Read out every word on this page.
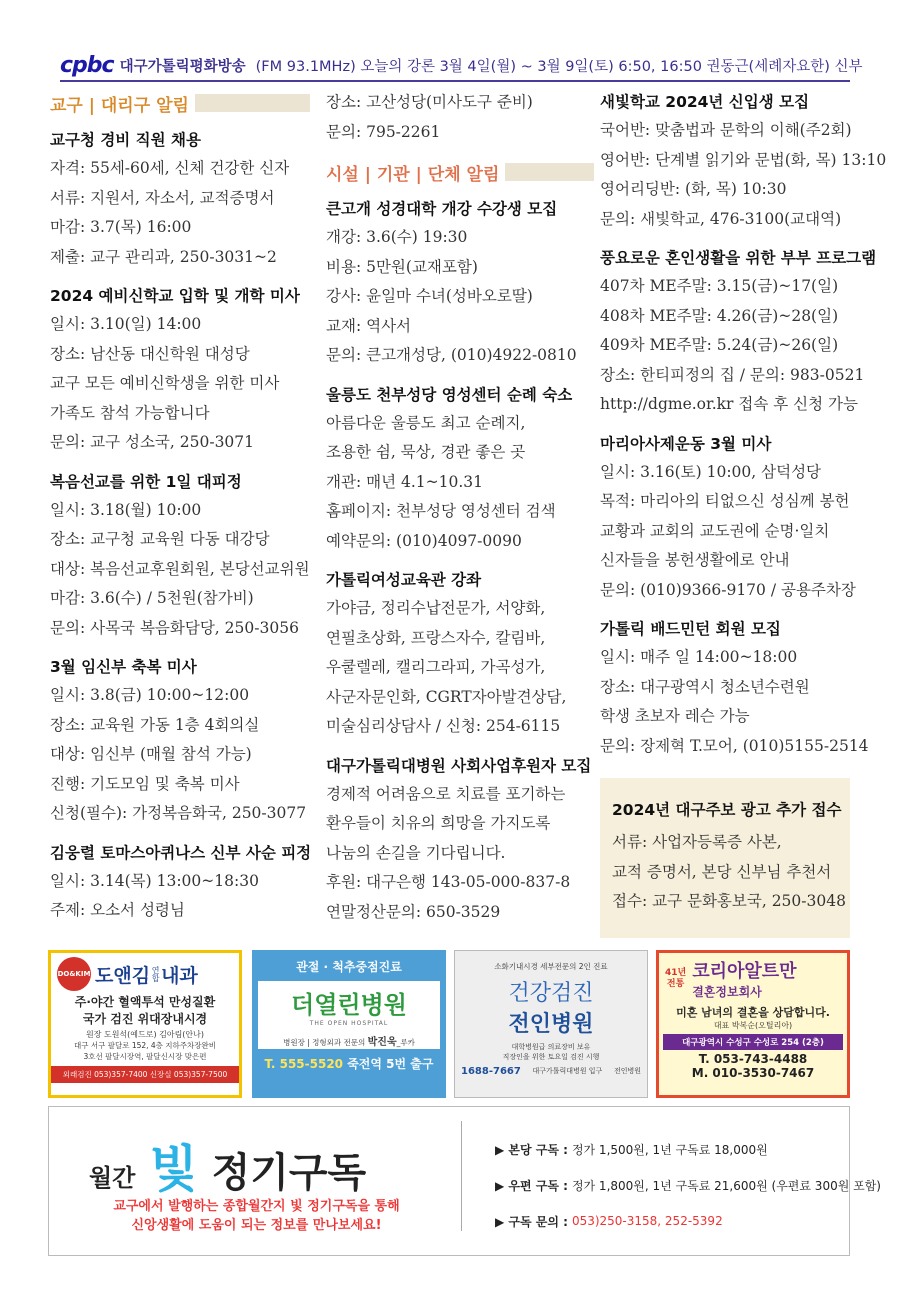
cpbc 대구가톨릭평화방송 (FM 93.1MHz) 오늘의 강론 3월 4일(월) ~ 3월 9일(토) 6:50, 16:50 권동근(세례자요한) 신부
교구 | 대리구 알림
교구청 경비 직원 채용
자격: 55세-60세, 신체 건강한 신자
서류: 지원서, 자소서, 교적증명서
마감: 3.7(목) 16:00
제출: 교구 관리과, 250-3031~2
2024 예비신학교 입학 및 개학 미사
일시: 3.10(일) 14:00
장소: 남산동 대신학원 대성당
교구 모든 예비신학생을 위한 미사
가족도 참석 가능합니다
문의: 교구 성소국, 250-3071
복음선교를 위한 1일 대피정
일시: 3.18(월) 10:00
장소: 교구청 교육원 다동 대강당
대상: 복음선교후원회원, 본당선교위원
마감: 3.6(수) / 5천원(참가비)
문의: 사목국 복음화담당, 250-3056
3월 임신부 축복 미사
일시: 3.8(금) 10:00~12:00
장소: 교육원 가동 1층 4회의실
대상: 임신부 (매월 참석 가능)
진행: 기도모임 및 축복 미사
신청(필수): 가정복음화국, 250-3077
김웅렬 토마스아퀴나스 신부 사순 피정
일시: 3.14(목) 13:00~18:30
주제: 오소서 성령님
장소: 고산성당(미사도구 준비)
문의: 795-2261
시설 | 기관 | 단체 알림
큰고개 성경대학 개강 수강생 모집
개강: 3.6(수) 19:30
비용: 5만원(교재포함)
강사: 윤일마 수녀(성바오로딸)
교재: 역사서
문의: 큰고개성당, (010)4922-0810
울릉도 천부성당 영성센터 순례 숙소
아름다운 울릉도 최고 순례지,
조용한 쉼, 묵상, 경관 좋은 곳
개관: 매년 4.1~10.31
홈페이지: 천부성당 영성센터 검색
예약문의: (010)4097-0090
가톨릭여성교육관 강좌
가야금, 정리수납전문가, 서양화,
연필초상화, 프랑스자수, 칼림바,
우쿨렐레, 캘리그라피, 가곡성가,
사군자문인화, CGRT자아발견상담,
미술심리상담사 / 신청: 254-6115
대구가톨릭대병원 사회사업후원자 모집
경제적 어려움으로 치료를 포기하는
환우들이 치유의 희망을 가지도록
나눔의 손길을 기다립니다.
후원: 대구은행 143-05-000-837-8
연말정산문의: 650-3529
새빛학교 2024년 신입생 모집
국어반: 맞춤법과 문학의 이해(주2회)
영어반: 단계별 읽기와 문법(화, 목) 13:10
영어리딩반: (화, 목) 10:30
문의: 새빛학교, 476-3100(교대역)
풍요로운 혼인생활을 위한 부부 프로그램
407차 ME주말: 3.15(금)~17(일)
408차 ME주말: 4.26(금)~28(일)
409차 ME주말: 5.24(금)~26(일)
장소: 한티피정의 집 / 문의: 983-0521
http://dgme.or.kr 접속 후 신청 가능
마리아사제운동 3월 미사
일시: 3.16(토) 10:00, 삼덕성당
목적: 마리아의 티없으신 성심께 봉헌
교황과 교회의 교도권에 순명·일치
신자들을 봉헌생활에로 안내
문의: (010)9366-9170 / 공용주차장
가톨릭 배드민턴 회원 모집
일시: 매주 일 14:00~18:00
장소: 대구광역시 청소년수련원
학생 초보자 레슨 가능
문의: 장제혁 T.모어, (010)5155-2514
2024년 대구주보 광고 추가 접수
서류: 사업자등록증 사본,
교적 증명서, 본당 신부님 추천서
접수: 교구 문화홍보국, 250-3048
DO&KIM 도앤김 연합 내과
주·야간 혈액투석 만성질환
국가 검진 위대장내시경
원장 도원석(예드로) 김아림(안나)
대구 서구 팔달로 152, 4층 지하주차장완비
3호선 팔달시장역, 팔달신시장 맞은편
외래검진 053)357-7400 신장실 053)357-7500
관절 · 척추중점진료
더열린병원
THE OPEN HOSPITAL
병원장 | 정형외과 전문의 박진욱_루카
T. 555-5520 죽전역 5번 출구
소화기내시경 세부전문의 2인 진료
건강검진
전인병원
대학병원급 의료장비 보유
직장인을 위한 토요일 검진 시행
1688-7667 대구가톨릭대병원 입구 전인병원
41년
전통
코리아알트만
결혼정보회사
미혼 남녀의 결혼을 상담합니다.
대표 박복순(오틸리아)
대구광역시 수성구 수성로 254 (2층)
T. 053-743-4488
M. 010-3530-7467
월간 빛 정기구독
교구에서 발행하는 종합월간지 빛 정기구독을 통해
신앙생활에 도움이 되는 정보를 만나보세요!
▶ 본당 구독 : 정가 1,500원, 1년 구독료 18,000원
▶ 우편 구독 : 정가 1,800원, 1년 구독료 21,600원 (우편료 300원 포함)
▶ 구독 문의 : 053)250-3158, 252-5392
